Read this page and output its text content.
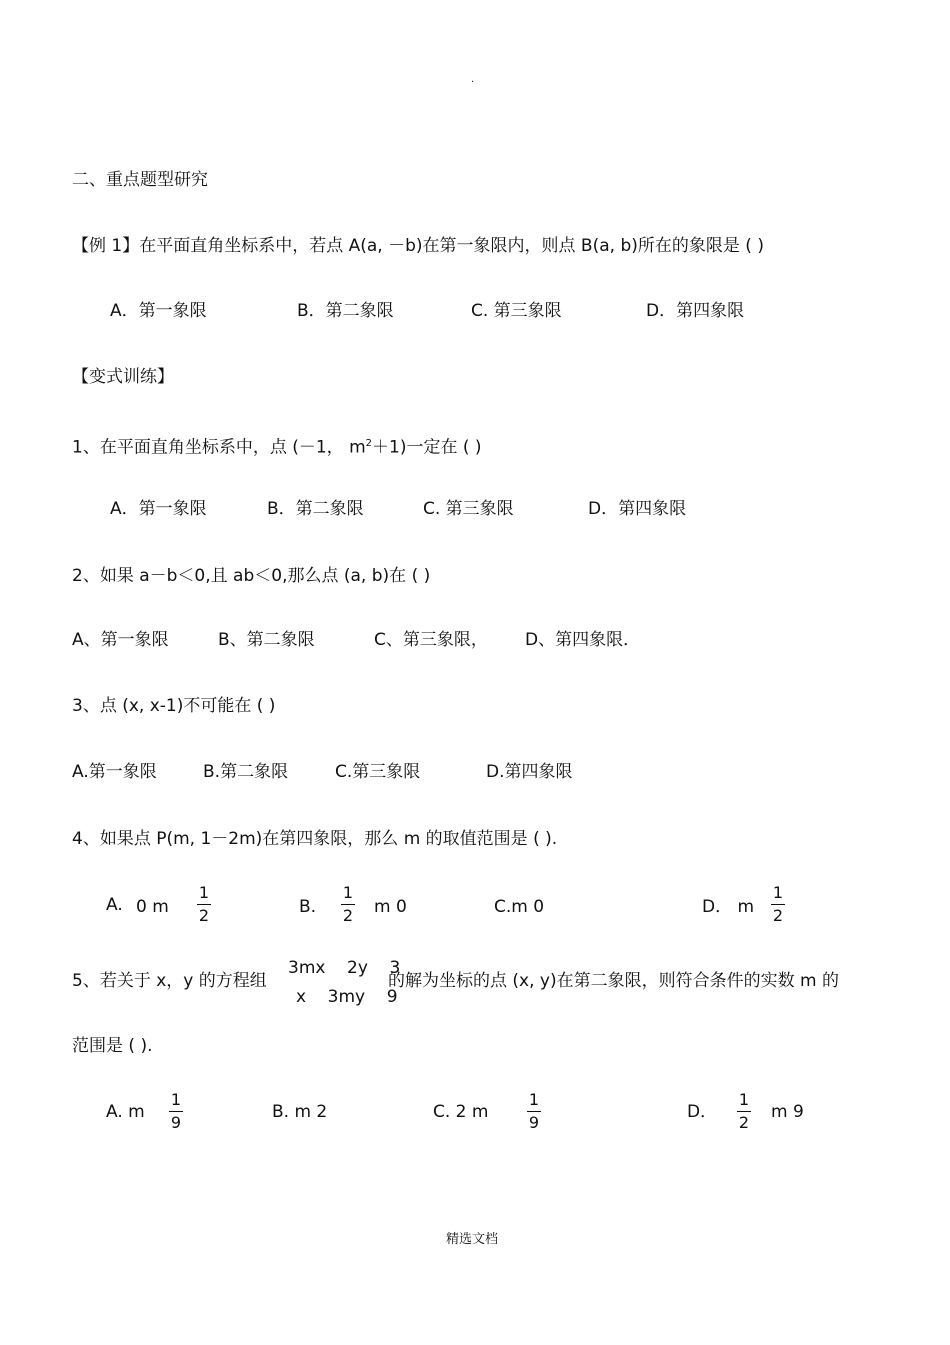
.
二、重点题型研究
【例 1】在平面直角坐标系中，若点 A(a, －b)在第一象限内，则点 B(a, b)所在的象限是 ( )
A．第一象限	B．第二象限	C. 第三象限	D．第四象限
【变式训练】
1、在平面直角坐标系中，点 (－1， $m^2+1$)一定在 ( )
A．第一象限	B．第二象限	C. 第三象限	D．第四象限
2、如果 a－b＜0,且 ab＜0,那么点 (a, b)在 ( )
A、第一象限	B、第二象限	C、第三象限， D、第四象限．
3、点 (x, x-1)不可能在 ( )
A.第一象限	B.第二象限	C.第三象限	D.第四象限
4、如果点 P(m, 1－2m)在第四象限，那么 m 的取值范围是 ( ).
A. 0 m
1
2	B.
1
2 m 0	C.m 0	D． m
1
2
5、若关于 x，y 的方程组
3mx    2y    3
x    3my    9
的解为坐标的点 (x, y)在第二象限，则符合条件的实数 m 的
范围是 ( ).
A. m
1
9
B. m 2	C. 2 m
1
9
D．
1
2
m 9
精选文档
